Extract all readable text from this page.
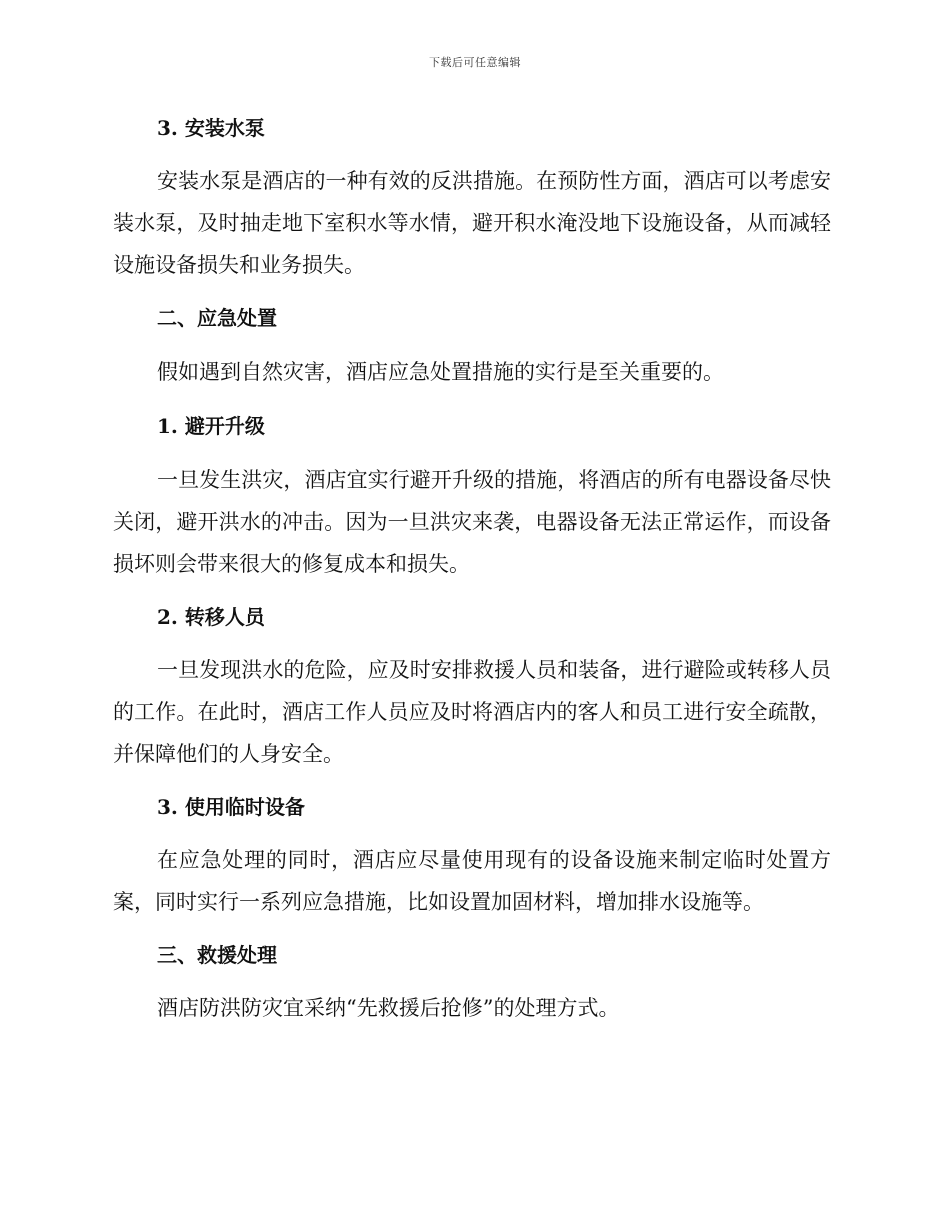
下载后可任意编辑
3. 安装水泵

安装水泵是酒店的一种有效的反洪措施。在预防性方面，酒店可以考虑安装水泵，及时抽走地下室积水等水情，避开积水淹没地下设施设备，从而减轻设施设备损失和业务损失。

二、应急处置

假如遇到自然灾害，酒店应急处置措施的实行是至关重要的。

1. 避开升级

一旦发生洪灾，酒店宜实行避开升级的措施，将酒店的所有电器设备尽快关闭，避开洪水的冲击。因为一旦洪灾来袭，电器设备无法正常运作，而设备损坏则会带来很大的修复成本和损失。

2. 转移人员

一旦发现洪水的危险，应及时安排救援人员和装备，进行避险或转移人员的工作。在此时，酒店工作人员应及时将酒店内的客人和员工进行安全疏散，并保障他们的人身安全。

3. 使用临时设备

在应急处理的同时，酒店应尽量使用现有的设备设施来制定临时处置方案，同时实行一系列应急措施，比如设置加固材料，增加排水设施等。

三、救援处理

酒店防洪防灾宜采纳“先救援后抢修”的处理方式。
